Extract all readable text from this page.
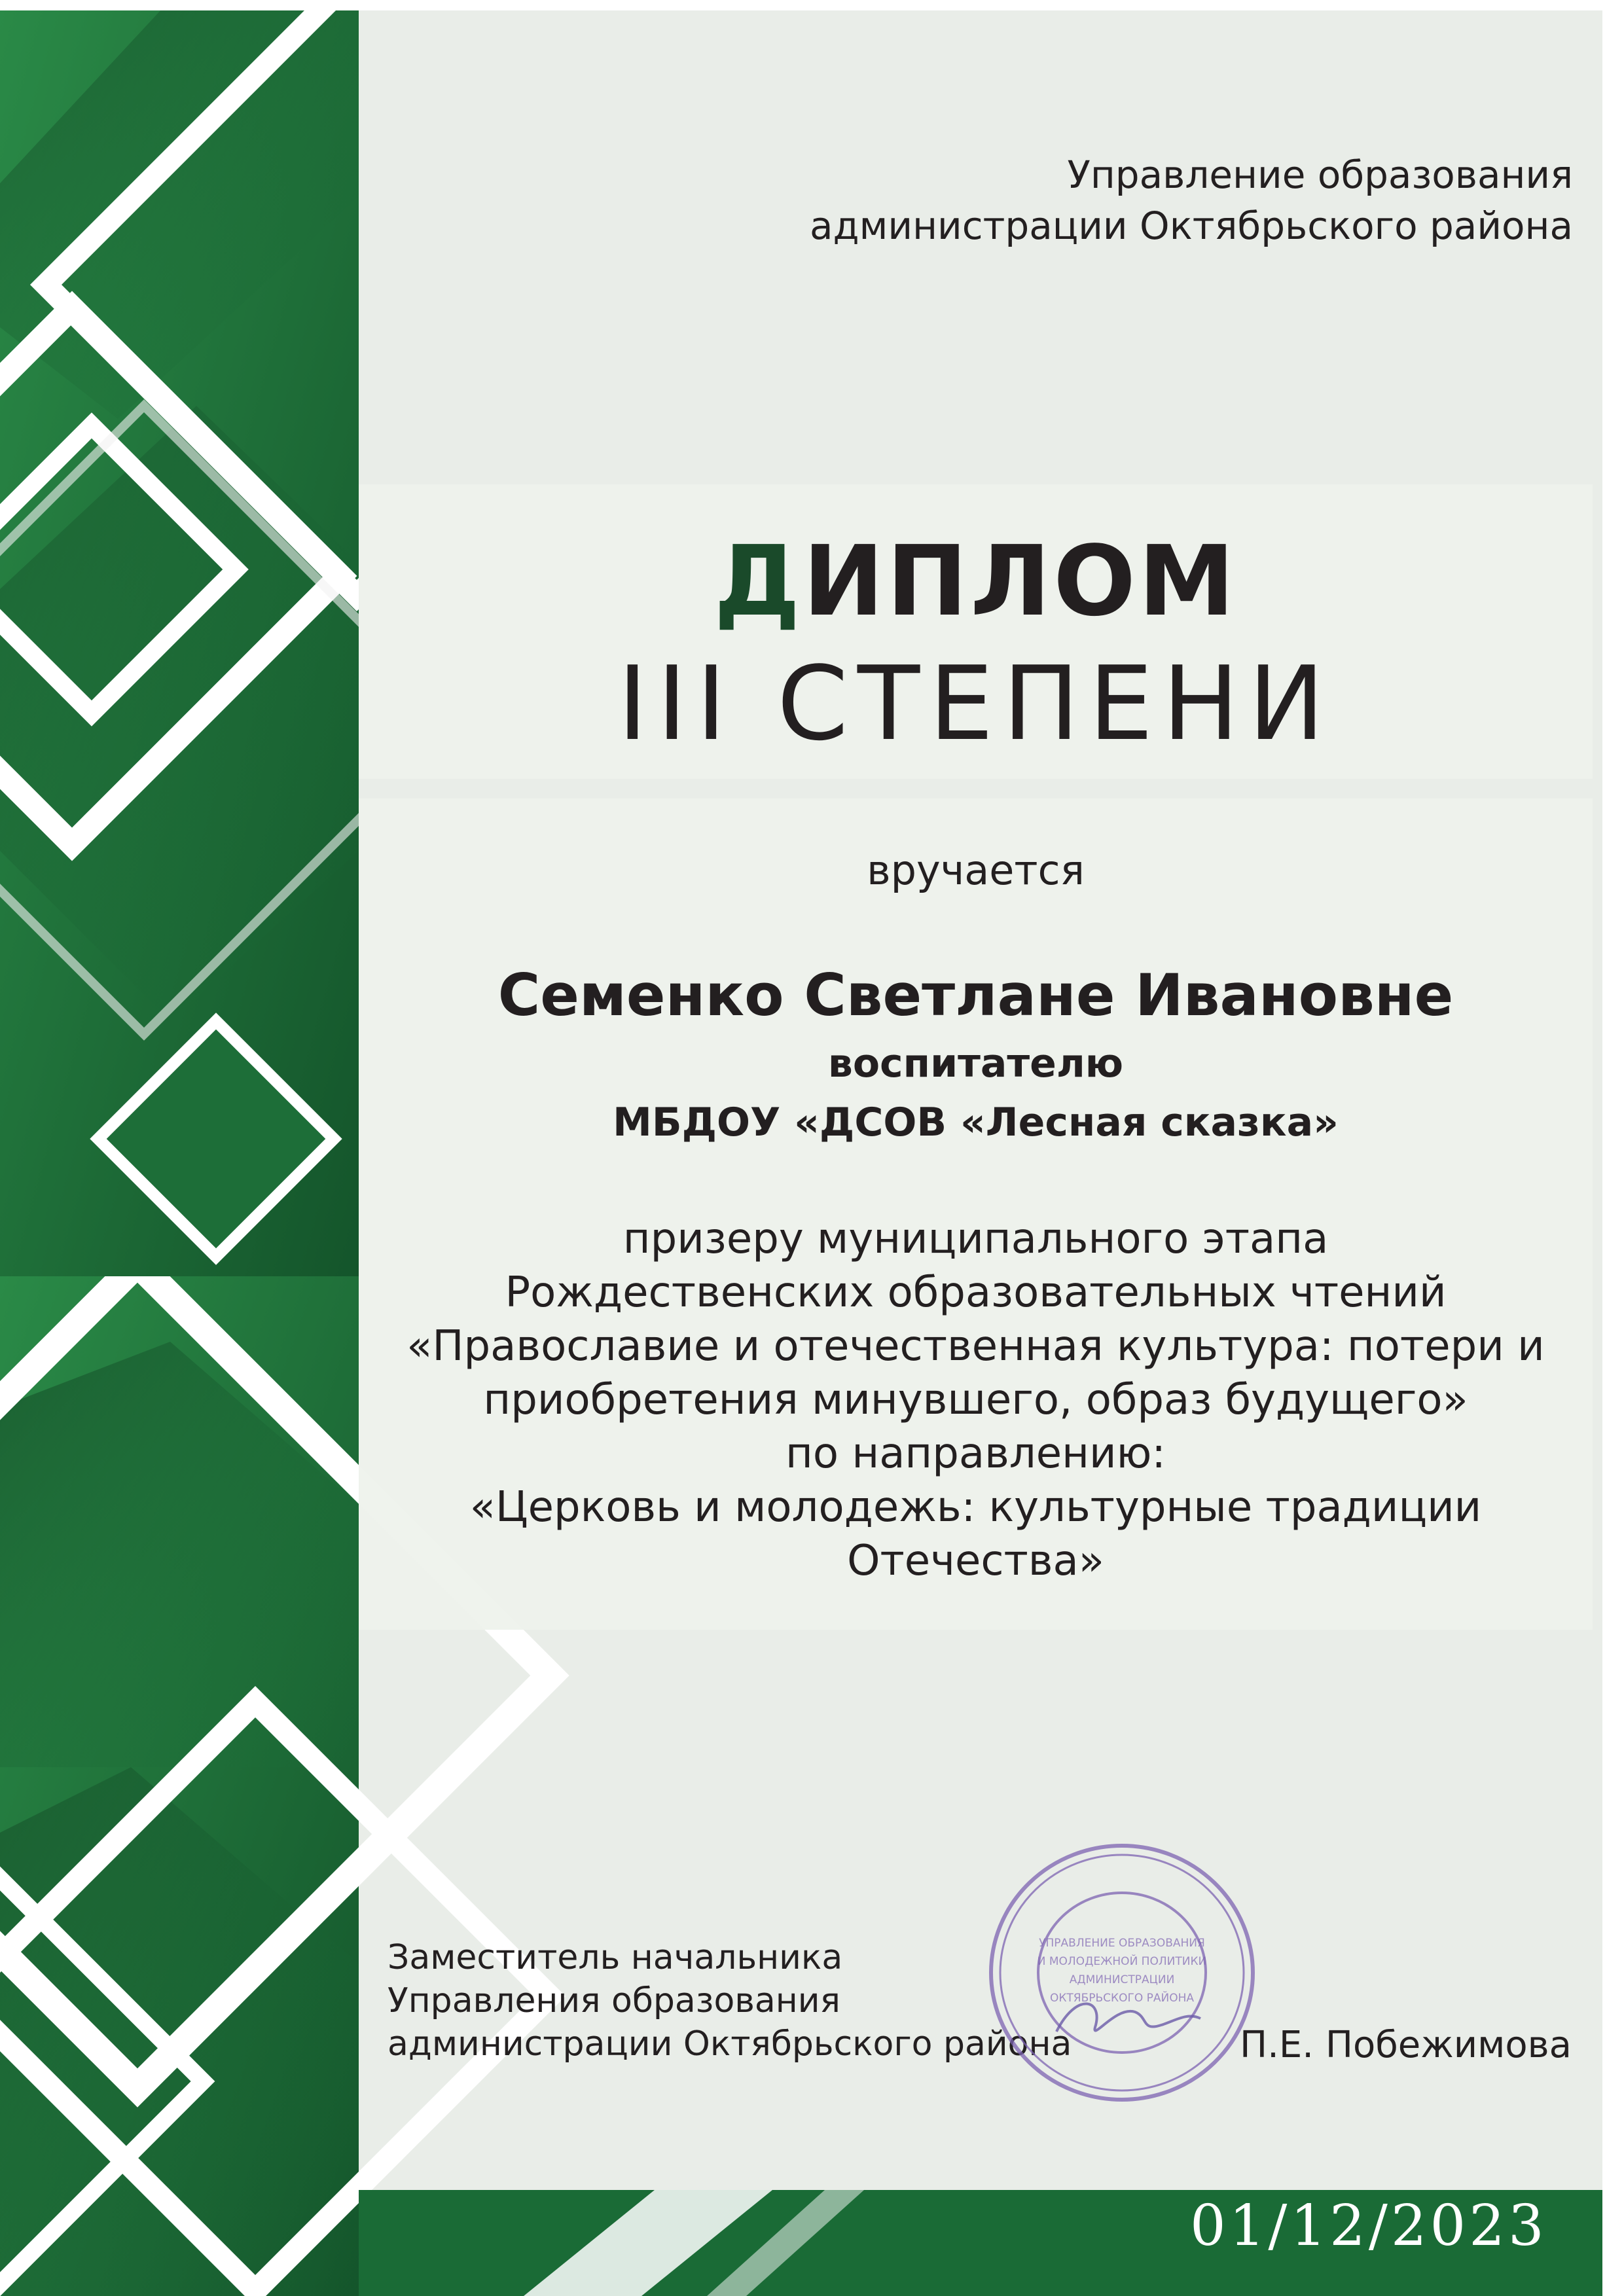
Управление образования
администрации Октябрьского района
ДИПЛОМ
III СТЕПЕНИ
вручается
Семенко Светлане Ивановне
воспитателю
МБДОУ «ДСОВ «Лесная сказка»
призеру муниципального этапа
Рождественских образовательных чтений
«Православие и отечественная культура: потери и
приобретения минувшего, образ будущего»
по направлению:
«Церковь и молодежь: культурные традиции
Отечества»
Заместитель начальника
Управления образования
администрации Октябрьского района
УПРАВЛЕНИЕ ОБРАЗОВАНИЯ
И МОЛОДЕЖНОЙ ПОЛИТИКИ
АДМИНИСТРАЦИИ
ОКТЯБРЬСКОГО РАЙОНА
П.Е. Побежимова
01/12/2023
